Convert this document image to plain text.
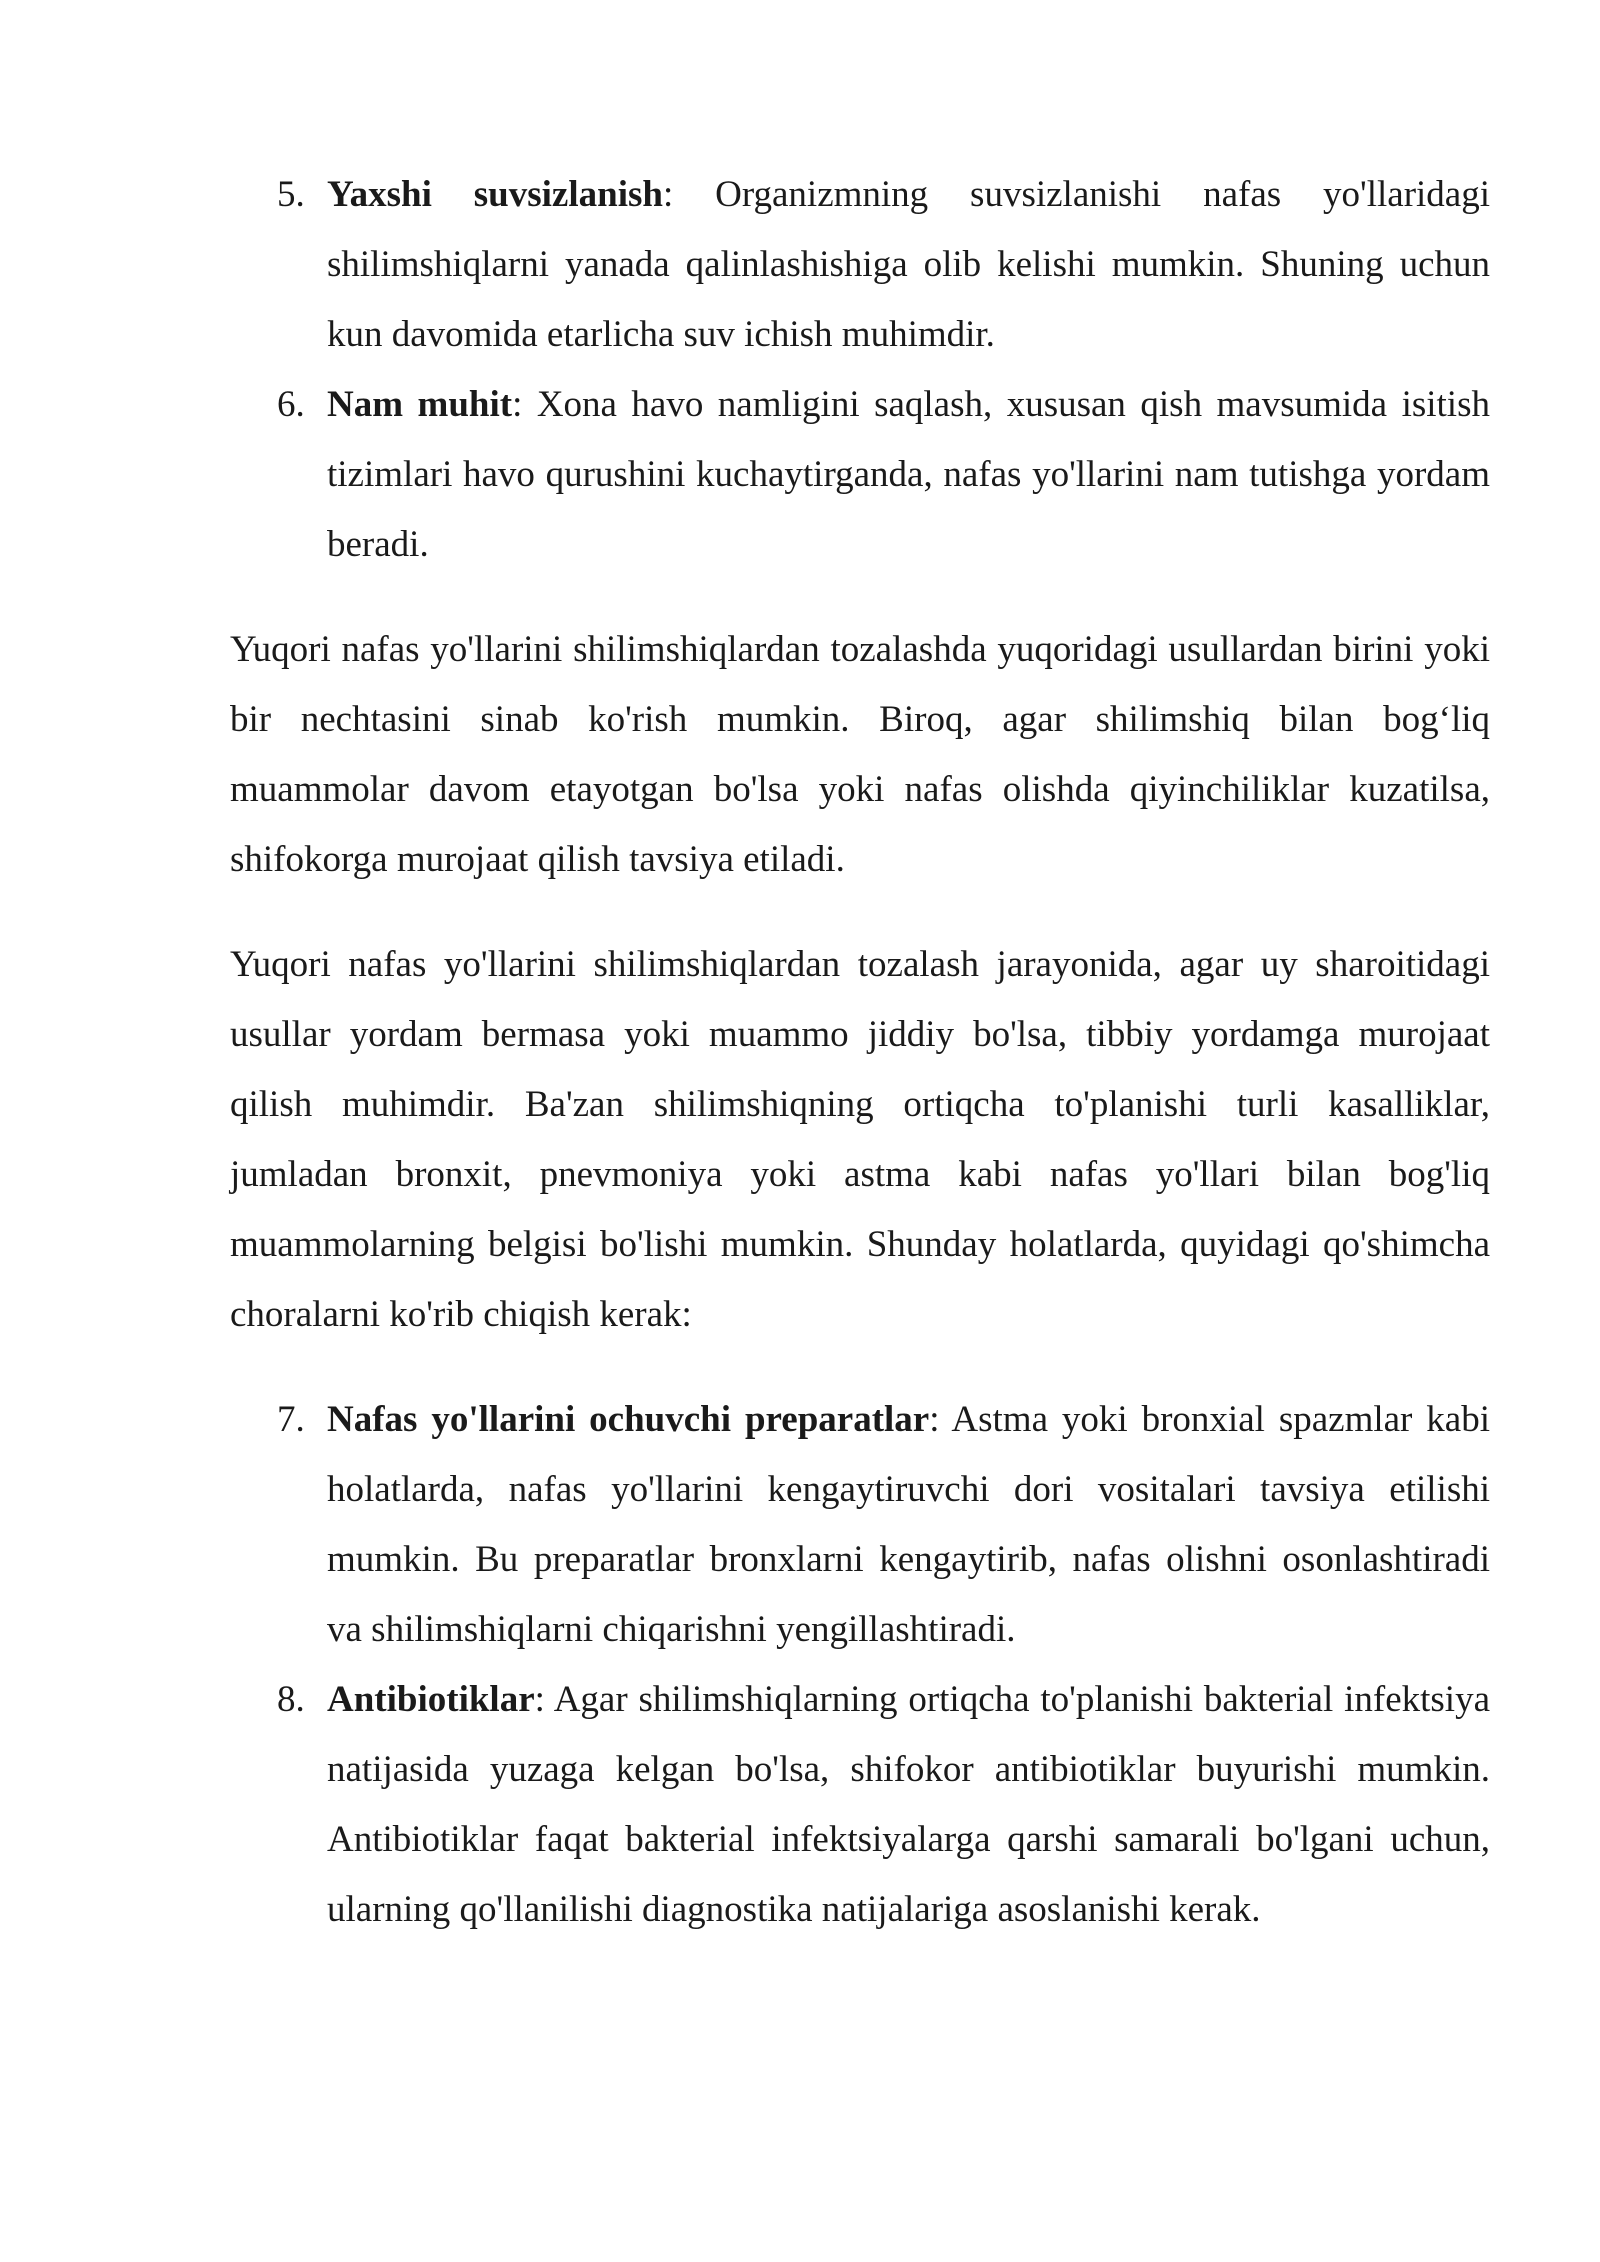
5. Yaxshi suvsizlanish: Organizmning suvsizlanishi nafas yo'llaridagi shilimshiqlarni yanada qalinlashishiga olib kelishi mumkin. Shuning uchun kun davomida etarlicha suv ichish muhimdir.
6. Nam muhit: Xona havo namligini saqlash, xususan qish mavsumida isitish tizimlari havo qurushini kuchaytirganda, nafas yo'llarini nam tutishga yordam beradi.

Yuqori nafas yo'llarini shilimshiqlardan tozalashda yuqoridagi usullardan birini yoki bir nechtasini sinab ko'rish mumkin. Biroq, agar shilimshiq bilan bog‘liq muammolar davom etayotgan bo'lsa yoki nafas olishda qiyinchiliklar kuzatilsa, shifokorga murojaat qilish tavsiya etiladi.

Yuqori nafas yo'llarini shilimshiqlardan tozalash jarayonida, agar uy sharoitidagi usullar yordam bermasa yoki muammo jiddiy bo'lsa, tibbiy yordamga murojaat qilish muhimdir. Ba'zan shilimshiqning ortiqcha to'planishi turli kasalliklar, jumladan bronxit, pnevmoniya yoki astma kabi nafas yo'llari bilan bog'liq muammolarning belgisi bo'lishi mumkin. Shunday holatlarda, quyidagi qo'shimcha choralarni ko'rib chiqish kerak:

7. Nafas yo'llarini ochuvchi preparatlar: Astma yoki bronxial spazmlar kabi holatlarda, nafas yo'llarini kengaytiruvchi dori vositalari tavsiya etilishi mumkin. Bu preparatlar bronxlarni kengaytirib, nafas olishni osonlashtiradi va shilimshiqlarni chiqarishni yengillashtiradi.
8. Antibiotiklar: Agar shilimshiqlarning ortiqcha to'planishi bakterial infektsiya natijasida yuzaga kelgan bo'lsa, shifokor antibiotiklar buyurishi mumkin. Antibiotiklar faqat bakterial infektsiyalarga qarshi samarali bo'lgani uchun, ularning qo'llanilishi diagnostika natijalariga asoslanishi kerak.
